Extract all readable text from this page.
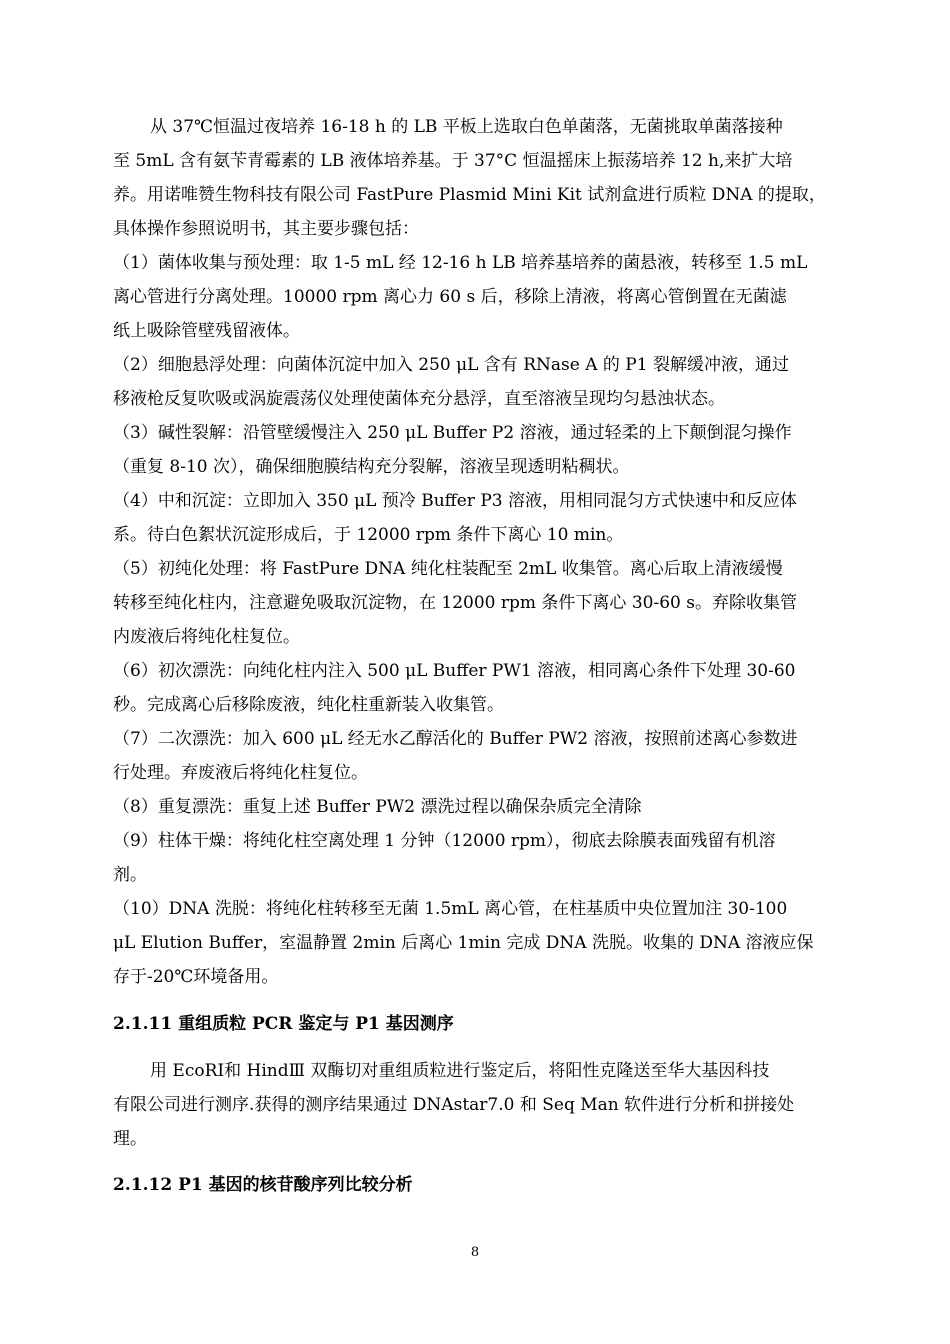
从 37℃恒温过夜培养 16-18 h 的 LB 平板上选取白色单菌落，无菌挑取单菌落接种
至 5mL 含有氨苄青霉素的 LB 液体培养基。于 37°C 恒温摇床上振荡培养 12 h,来扩大培
养。用诺唯赞生物科技有限公司 FastPure Plasmid Mini Kit 试剂盒进行质粒 DNA 的提取，
具体操作参照说明书，其主要步骤包括：
（1）菌体收集与预处理：取 1-5 mL 经 12-16 h LB 培养基培养的菌悬液，转移至 1.5 mL
离心管进行分离处理。10000 rpm 离心力 60 s 后，移除上清液，将离心管倒置在无菌滤
纸上吸除管壁残留液体。
（2）细胞悬浮处理：向菌体沉淀中加入 250 μL 含有 RNase A 的 P1 裂解缓冲液，通过
移液枪反复吹吸或涡旋震荡仪处理使菌体充分悬浮，直至溶液呈现均匀悬浊状态。
（3）碱性裂解：沿管壁缓慢注入 250 μL Buffer P2 溶液，通过轻柔的上下颠倒混匀操作
（重复 8-10 次），确保细胞膜结构充分裂解，溶液呈现透明粘稠状。
（4）中和沉淀：立即加入 350 μL 预冷 Buffer P3 溶液，用相同混匀方式快速中和反应体
系。待白色絮状沉淀形成后，于 12000 rpm 条件下离心 10 min。
（5）初纯化处理：将 FastPure DNA 纯化柱装配至 2mL 收集管。离心后取上清液缓慢
转移至纯化柱内，注意避免吸取沉淀物，在 12000 rpm 条件下离心 30-60 s。弃除收集管
内废液后将纯化柱复位。
（6）初次漂洗：向纯化柱内注入 500 μL Buffer PW1 溶液，相同离心条件下处理 30-60
秒。完成离心后移除废液，纯化柱重新装入收集管。
（7）二次漂洗：加入 600 μL 经无水乙醇活化的 Buffer PW2 溶液，按照前述离心参数进
行处理。弃废液后将纯化柱复位。
（8）重复漂洗：重复上述 Buffer PW2 漂洗过程以确保杂质完全清除
（9）柱体干燥：将纯化柱空离处理 1 分钟（12000 rpm），彻底去除膜表面残留有机溶
剂。
（10）DNA 洗脱：将纯化柱转移至无菌 1.5mL 离心管，在柱基质中央位置加注 30-100
μL Elution Buffer，室温静置 2min 后离心 1min 完成 DNA 洗脱。收集的 DNA 溶液应保
存于-20℃环境备用。
2.1.11 重组质粒 PCR 鉴定与 P1 基因测序
用 EcoRⅠ和 HindⅢ 双酶切对重组质粒进行鉴定后，将阳性克隆送至华大基因科技
有限公司进行测序.获得的测序结果通过 DNAstar7.0 和 Seq Man 软件进行分析和拼接处
理。
2.1.12 P1 基因的核苷酸序列比较分析
8
